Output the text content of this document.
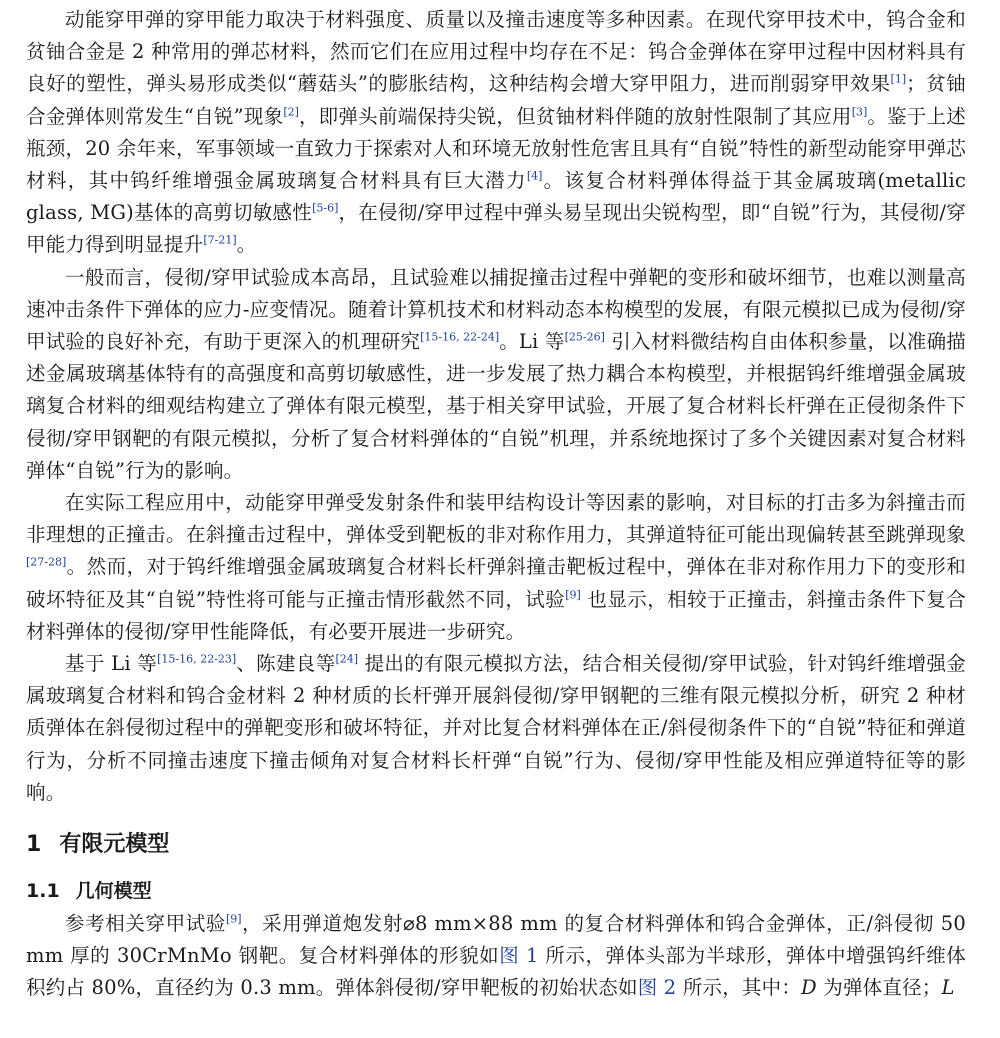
动能穿甲弹的穿甲能力取决于材料强度、质量以及撞击速度等多种因素。在现代穿甲技术中，钨合金和贫铀合金是 2 种常用的弹芯材料，然而它们在应用过程中均存在不足：钨合金弹体在穿甲过程中因材料具有良好的塑性，弹头易形成类似“蘑菇头”的膨胀结构，这种结构会增大穿甲阻力，进而削弱穿甲效果[1]；贫铀合金弹体则常发生“自锐”现象[2]，即弹头前端保持尖锐，但贫铀材料伴随的放射性限制了其应用[3]。鉴于上述瓶颈，20 余年来，军事领域一直致力于探索对人和环境无放射性危害且具有“自锐”特性的新型动能穿甲弹芯材料，其中钨纤维增强金属玻璃复合材料具有巨大潜力[4]。该复合材料弹体得益于其金属玻璃(metallic glass, MG)基体的高剪切敏感性[5-6]，在侵彻/穿甲过程中弹头易呈现出尖锐构型，即“自锐”行为，其侵彻/穿甲能力得到明显提升[7-21]。

一般而言，侵彻/穿甲试验成本高昂，且试验难以捕捉撞击过程中弹靶的变形和破坏细节，也难以测量高速冲击条件下弹体的应力-应变情况。随着计算机技术和材料动态本构模型的发展，有限元模拟已成为侵彻/穿甲试验的良好补充，有助于更深入的机理研究[15-16, 22-24]。Li 等[25-26] 引入材料微结构自由体积参量，以准确描述金属玻璃基体特有的高强度和高剪切敏感性，进一步发展了热力耦合本构模型，并根据钨纤维增强金属玻璃复合材料的细观结构建立了弹体有限元模型，基于相关穿甲试验，开展了复合材料长杆弹在正侵彻条件下侵彻/穿甲钢靶的有限元模拟，分析了复合材料弹体的“自锐”机理，并系统地探讨了多个关键因素对复合材料弹体“自锐”行为的影响。

在实际工程应用中，动能穿甲弹受发射条件和装甲结构设计等因素的影响，对目标的打击多为斜撞击而非理想的正撞击。在斜撞击过程中，弹体受到靶板的非对称作用力，其弹道特征可能出现偏转甚至跳弹现象[27-28]。然而，对于钨纤维增强金属玻璃复合材料长杆弹斜撞击靶板过程中，弹体在非对称作用力下的变形和破坏特征及其“自锐”特性将可能与正撞击情形截然不同，试验[9] 也显示，相较于正撞击，斜撞击条件下复合材料弹体的侵彻/穿甲性能降低，有必要开展进一步研究。

基于 Li 等[15-16, 22-23]、陈建良等[24] 提出的有限元模拟方法，结合相关侵彻/穿甲试验，针对钨纤维增强金属玻璃复合材料和钨合金材料 2 种材质的长杆弹开展斜侵彻/穿甲钢靶的三维有限元模拟分析，研究 2 种材质弹体在斜侵彻过程中的弹靶变形和破坏特征，并对比复合材料弹体在正/斜侵彻条件下的“自锐”特征和弹道行为，分析不同撞击速度下撞击倾角对复合材料长杆弹“自锐”行为、侵彻/穿甲性能及相应弹道特征等的影响。

1 有限元模型
1.1 几何模型

参考相关穿甲试验[9]，采用弹道炮发射⌀8 mm×88 mm 的复合材料弹体和钨合金弹体，正/斜侵彻 50 mm 厚的 30CrMnMo 钢靶。复合材料弹体的形貌如图 1 所示，弹体头部为半球形，弹体中增强钨纤维体积约占 80%，直径约为 0.3 mm。弹体斜侵彻/穿甲靶板的初始状态如图 2 所示，其中：D 为弹体直径；L
